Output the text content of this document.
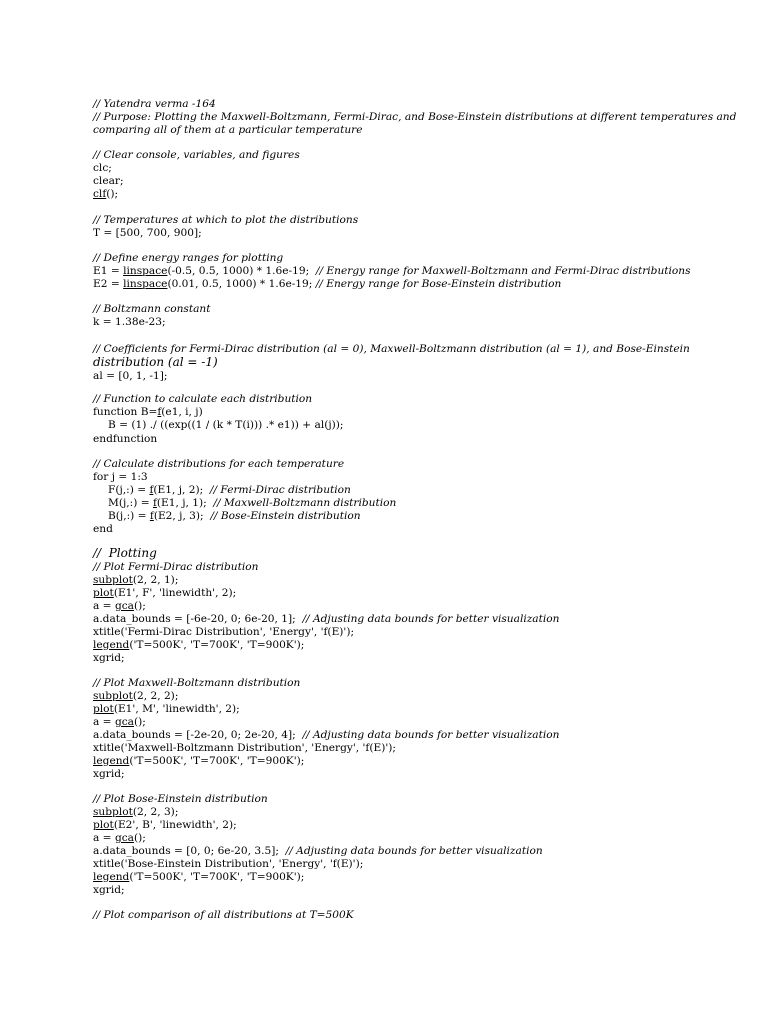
// Yatendra verma -164
// Purpose: Plotting the Maxwell-Boltzmann, Fermi-Dirac, and Bose-Einstein distributions at different temperatures and
comparing all of them at a particular temperature
// Clear console, variables, and figures
clc;
clear;
clf();
// Temperatures at which to plot the distributions
T = [500, 700, 900];
// Define energy ranges for plotting
E1 = linspace(-0.5, 0.5, 1000) * 1.6e-19;  // Energy range for Maxwell-Boltzmann and Fermi-Dirac distributions
E2 = linspace(0.01, 0.5, 1000) * 1.6e-19; // Energy range for Bose-Einstein distribution
// Boltzmann constant
k = 1.38e-23;
// Coefficients for Fermi-Dirac distribution (al = 0), Maxwell-Boltzmann distribution (al = 1), and Bose-Einstein
distribution (al = -1)
al = [0, 1, -1];
// Function to calculate each distribution
function B=f(e1, i, j)
B = (1) ./ ((exp((1 / (k * T(i))) .* e1)) + al(j));
endfunction
// Calculate distributions for each temperature
for j = 1:3
F(j,:) = f(E1, j, 2);  // Fermi-Dirac distribution
M(j,:) = f(E1, j, 1);  // Maxwell-Boltzmann distribution
B(j,:) = f(E2, j, 3);  // Bose-Einstein distribution
end
//  Plotting
// Plot Fermi-Dirac distribution
subplot(2, 2, 1);
plot(E1', F', 'linewidth', 2);
a = gca();
a.data_bounds = [-6e-20, 0; 6e-20, 1];  // Adjusting data bounds for better visualization
xtitle('Fermi-Dirac Distribution', 'Energy', 'f(E)');
legend('T=500K', 'T=700K', 'T=900K');
xgrid;
// Plot Maxwell-Boltzmann distribution
subplot(2, 2, 2);
plot(E1', M', 'linewidth', 2);
a = gca();
a.data_bounds = [-2e-20, 0; 2e-20, 4];  // Adjusting data bounds for better visualization
xtitle('Maxwell-Boltzmann Distribution', 'Energy', 'f(E)');
legend('T=500K', 'T=700K', 'T=900K');
xgrid;
// Plot Bose-Einstein distribution
subplot(2, 2, 3);
plot(E2', B', 'linewidth', 2);
a = gca();
a.data_bounds = [0, 0; 6e-20, 3.5];  // Adjusting data bounds for better visualization
xtitle('Bose-Einstein Distribution', 'Energy', 'f(E)');
legend('T=500K', 'T=700K', 'T=900K');
xgrid;
// Plot comparison of all distributions at T=500K
